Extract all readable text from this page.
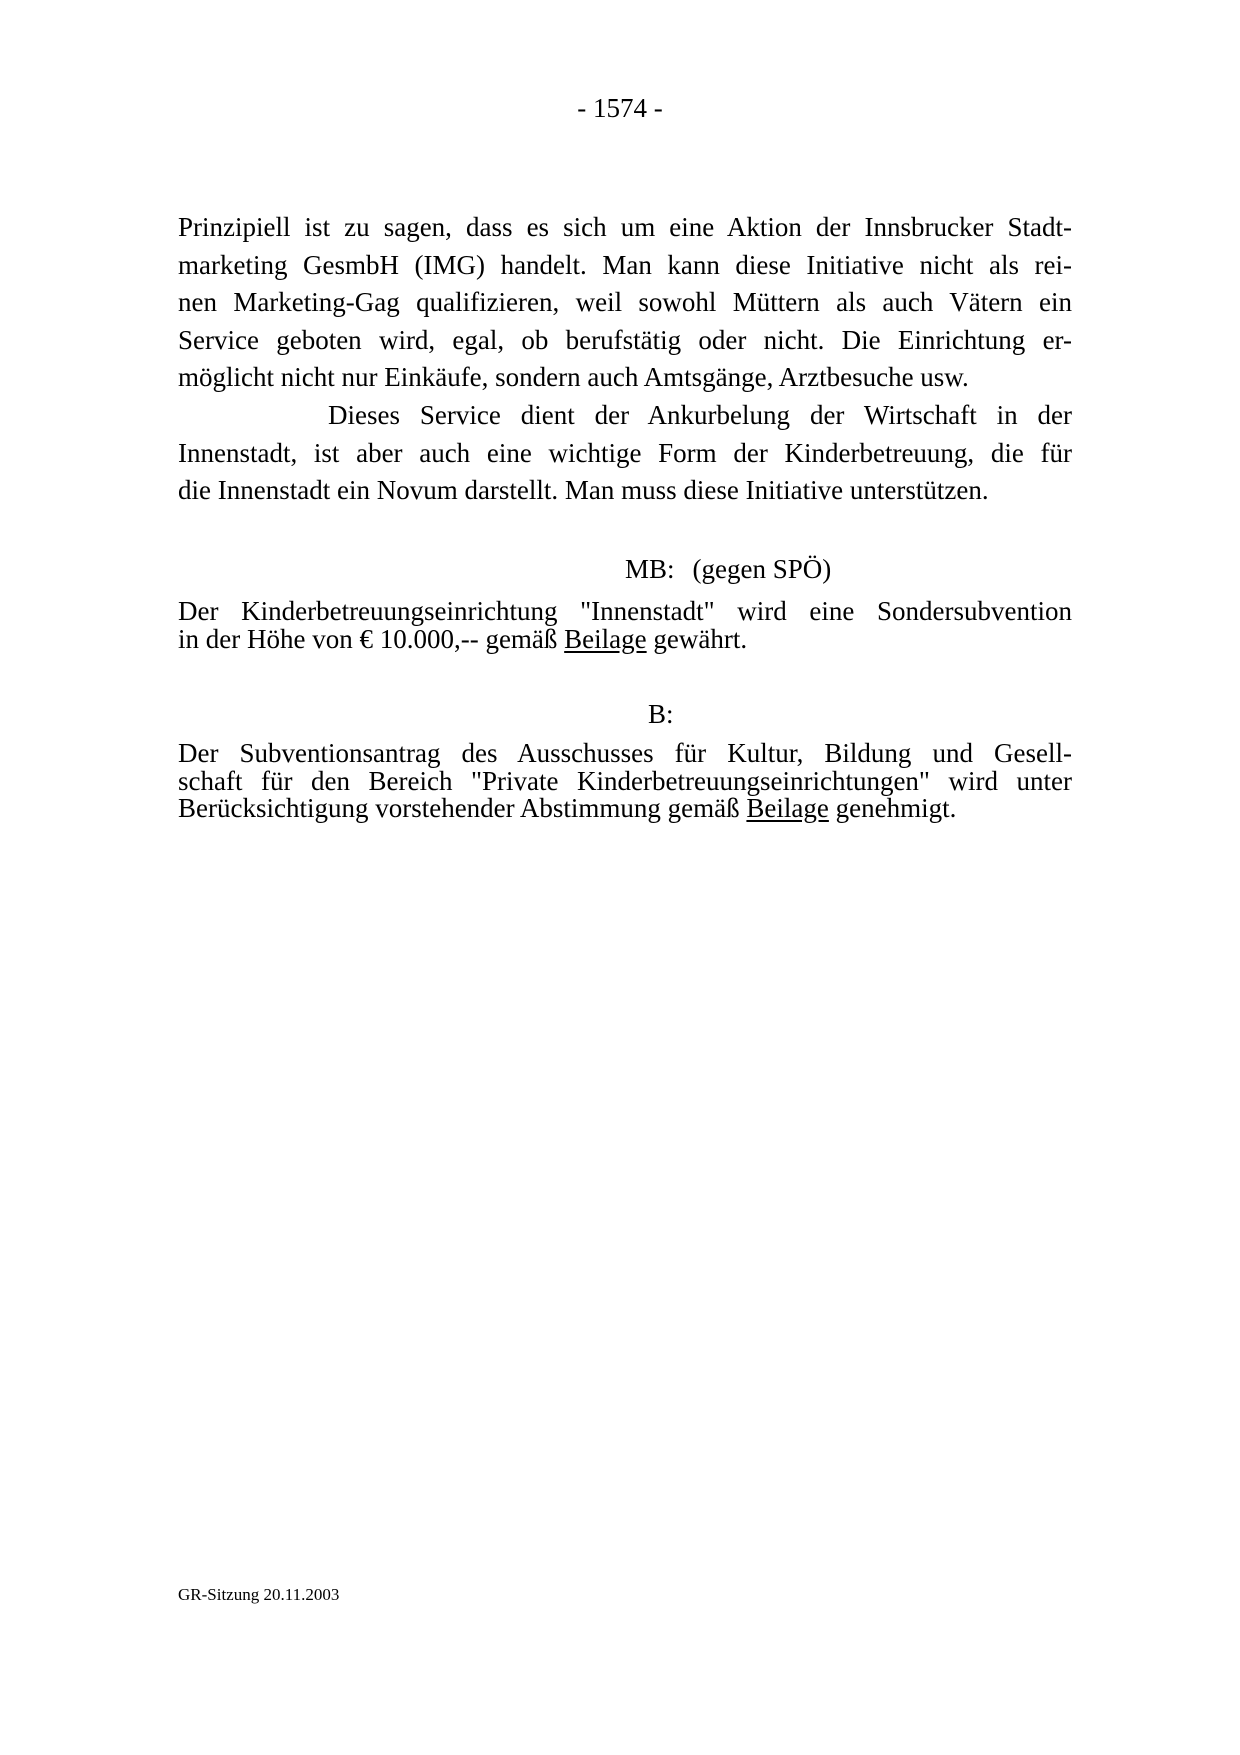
- 1574 -

Prinzipiell ist zu sagen, dass es sich um eine Aktion der Innsbrucker Stadt-
marketing GesmbH (IMG) handelt. Man kann diese Initiative nicht als rei-
nen Marketing-Gag qualifizieren, weil sowohl Müttern als auch Vätern ein
Service geboten wird, egal, ob berufstätig oder nicht. Die Einrichtung er-
möglicht nicht nur Einkäufe, sondern auch Amtsgänge, Arztbesuche usw.

Dieses Service dient der Ankurbelung der Wirtschaft in der
Innenstadt, ist aber auch eine wichtige Form der Kinderbetreuung, die für
die Innenstadt ein Novum darstellt. Man muss diese Initiative unterstützen.

MB: (gegen SPÖ)

Der Kinderbetreuungseinrichtung "Innenstadt" wird eine Sondersubvention
in der Höhe von € 10.000,-- gemäß Beilage gewährt.

B:

Der Subventionsantrag des Ausschusses für Kultur, Bildung und Gesell-
schaft für den Bereich "Private Kinderbetreuungseinrichtungen" wird unter
Berücksichtigung vorstehender Abstimmung gemäß Beilage genehmigt.

GR-Sitzung 20.11.2003
